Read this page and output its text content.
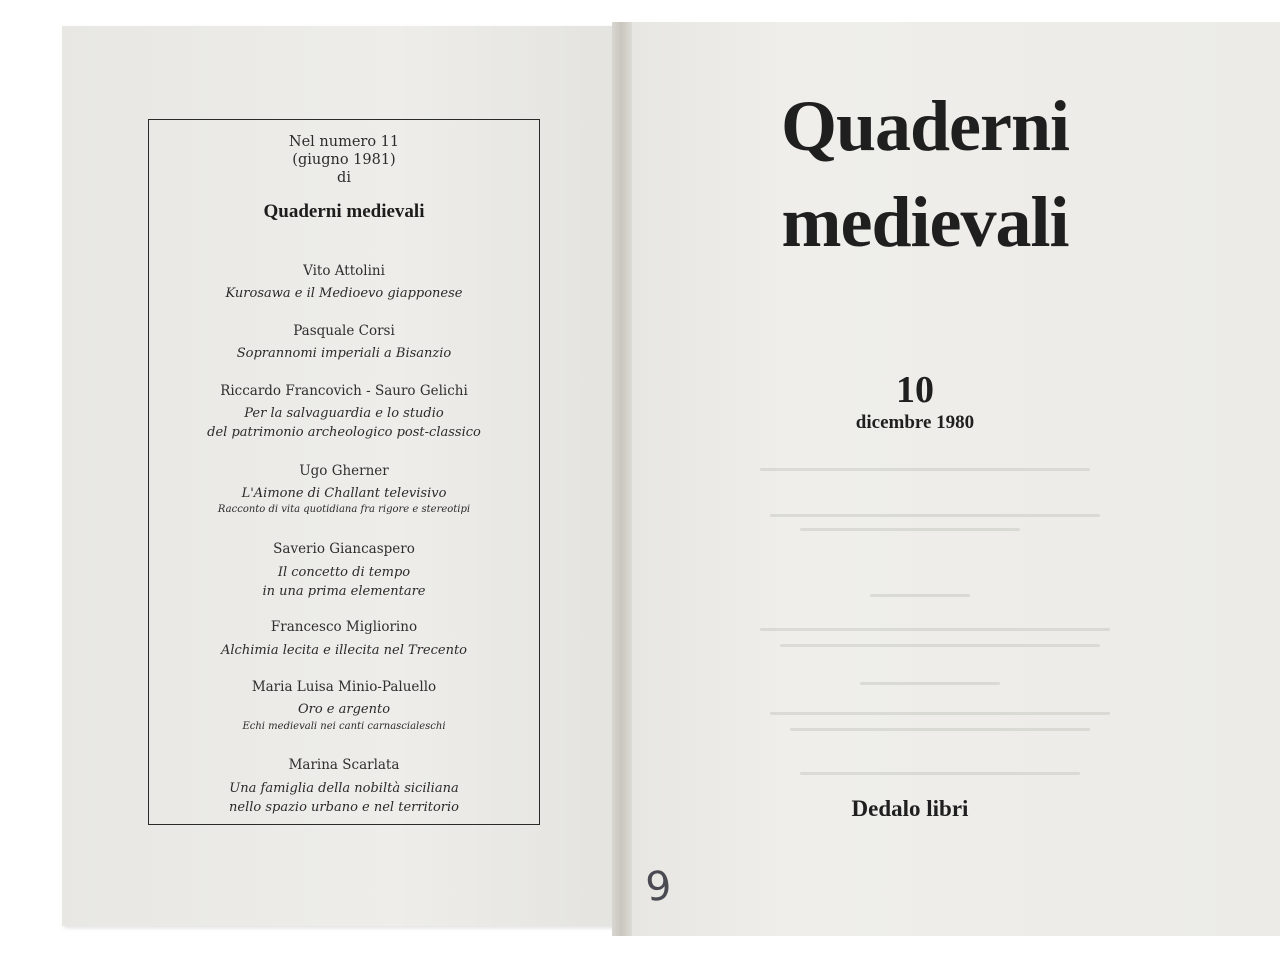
Nel numero 11
(giugno 1981)
di
Quaderni medievali
Vito Attolini
Kurosawa e il Medioevo giapponese
Pasquale Corsi
Soprannomi imperiali a Bisanzio
Riccardo Francovich - Sauro Gelichi
Per la salvaguardia e lo studio
del patrimonio archeologico post-classico
Ugo Gherner
L'Aimone di Challant televisivo
Racconto di vita quotidiana fra rigore e stereotipi
Saverio Giancaspero
Il concetto di tempo
in una prima elementare
Francesco Migliorino
Alchimia lecita e illecita nel Trecento
Maria Luisa Minio-Paluello
Oro e argento
Echi medievali nei canti carnascialeschi
Marina Scarlata
Una famiglia della nobiltà siciliana
nello spazio urbano e nel territorio
Quaderni
medievali
10
dicembre 1980
Dedalo libri
9
